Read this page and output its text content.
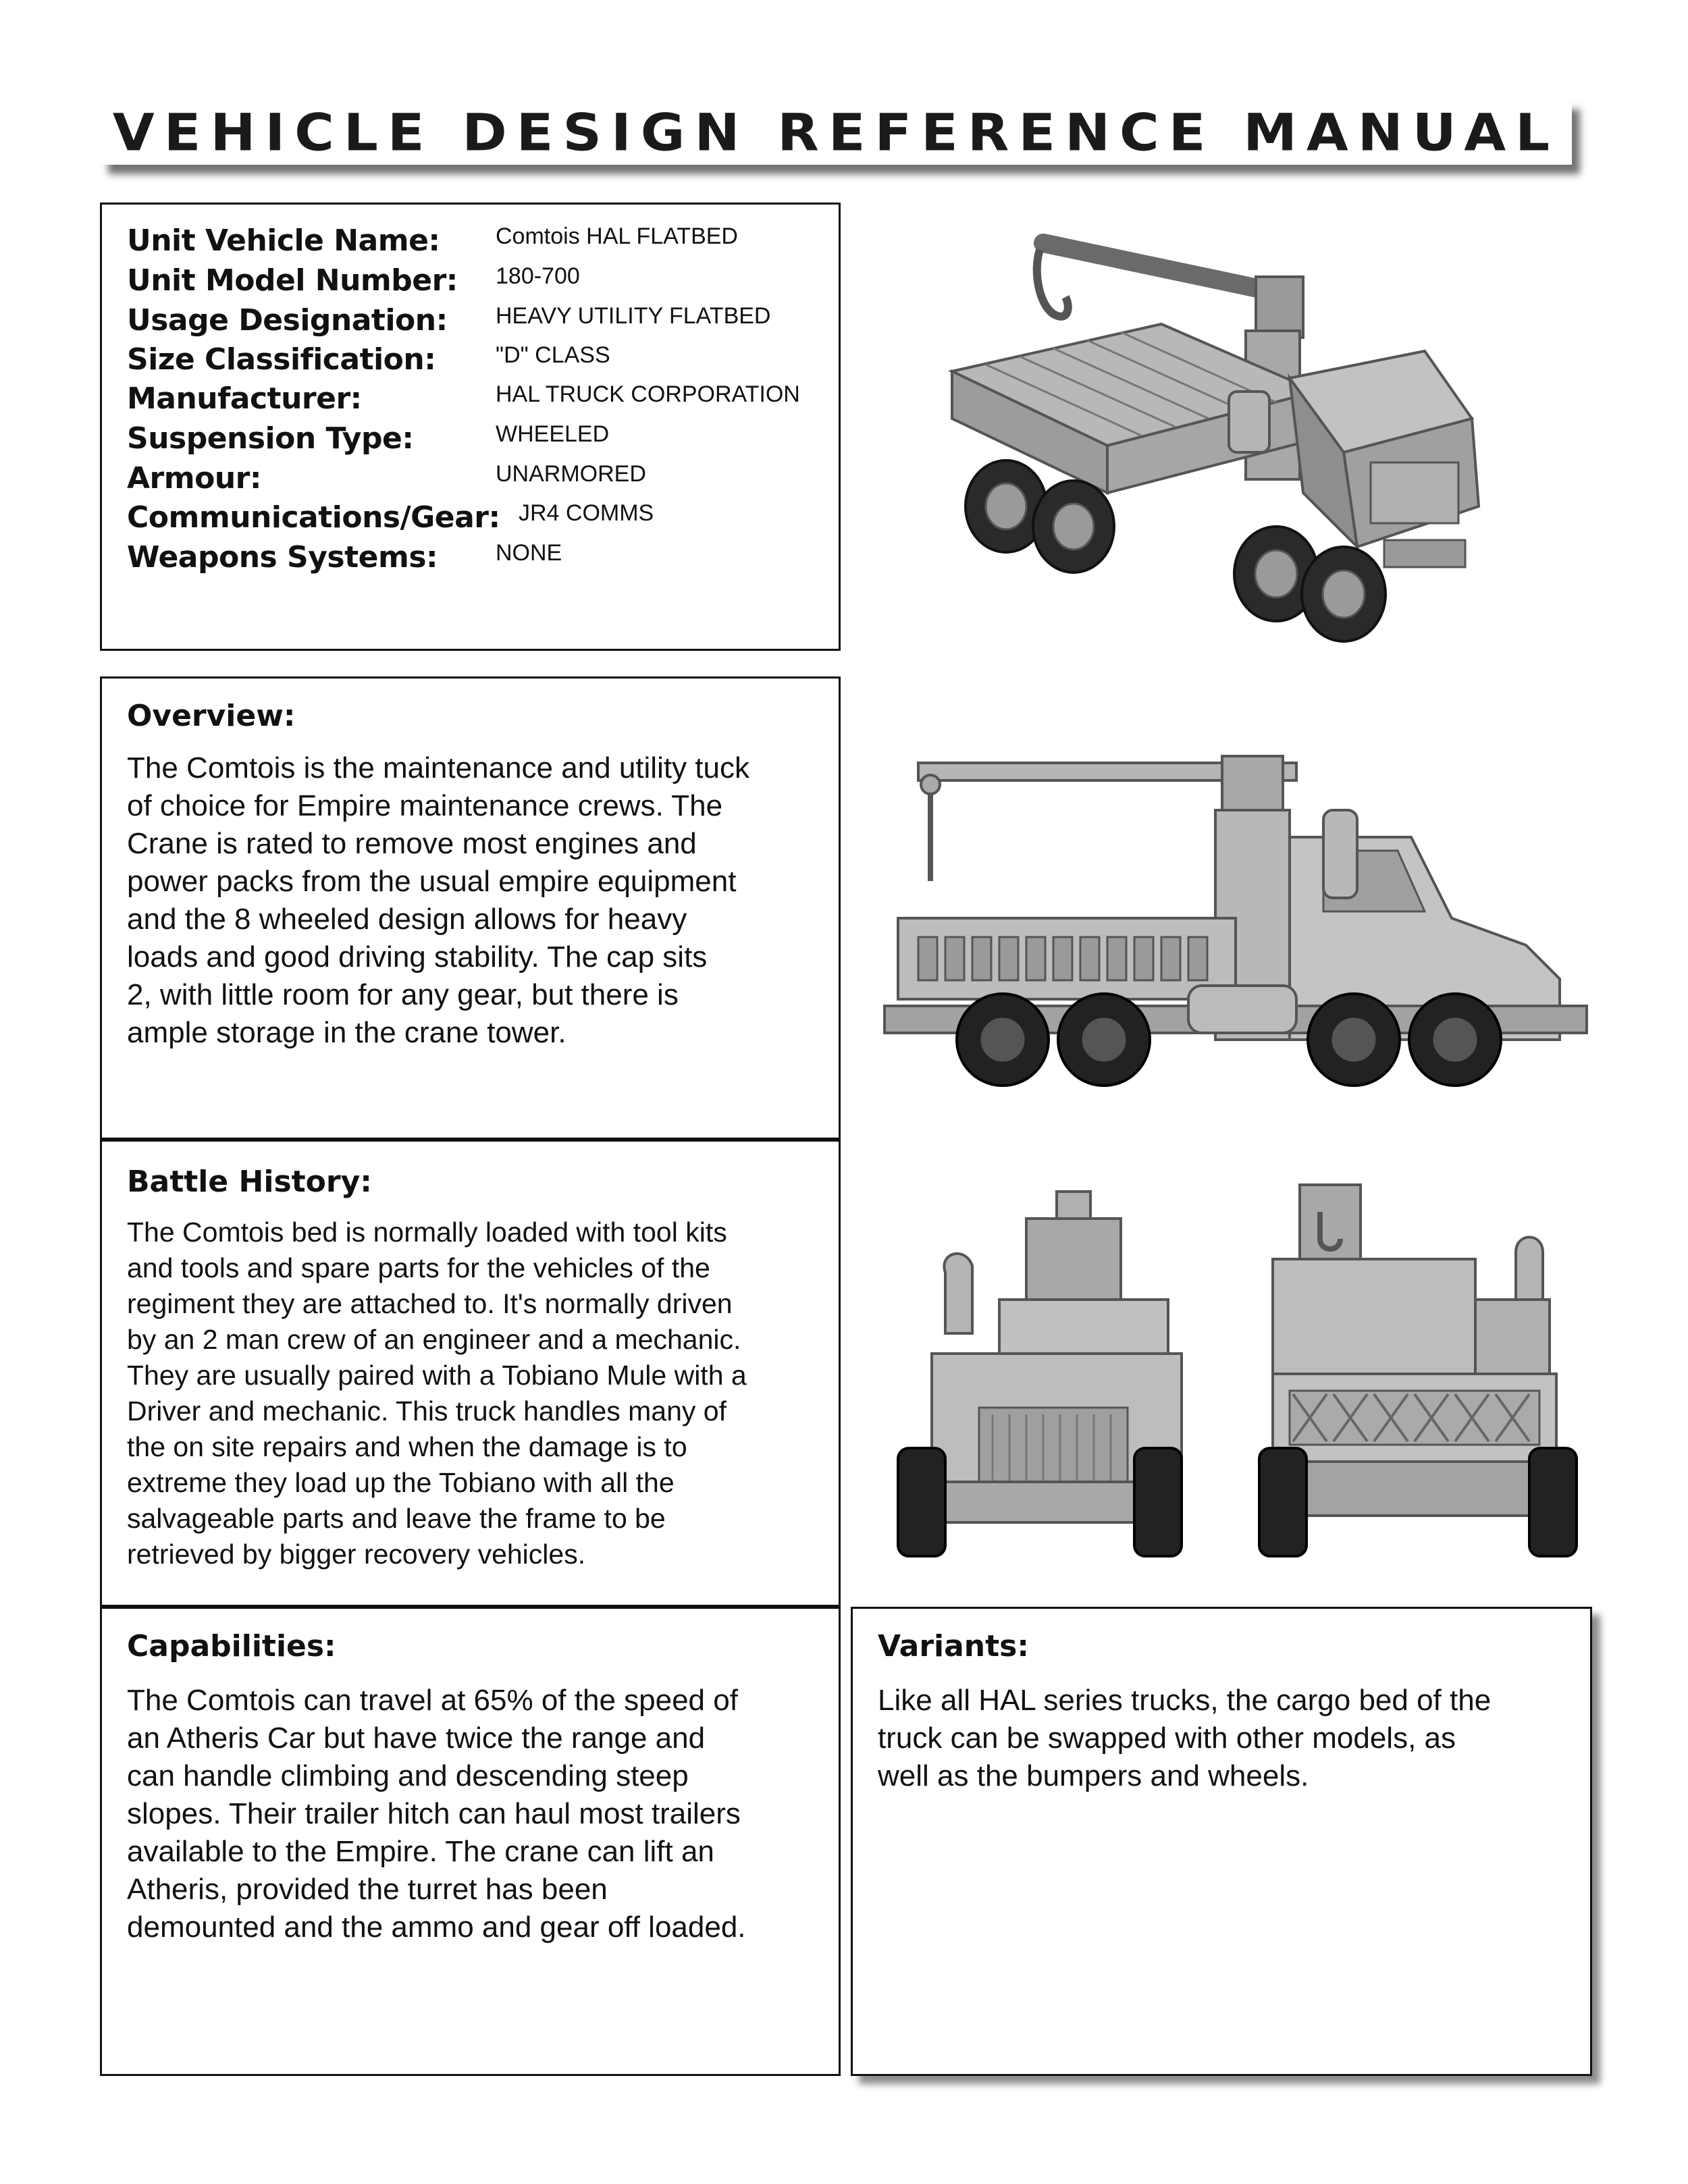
VEHICLE DESIGN REFERENCE MANUAL
Unit Vehicle Name: Comtois HAL FLATBED
Unit Model Number: 180-700
Usage Designation: HEAVY UTILITY FLATBED
Size Classification:	"D" CLASS
Manufacturer:	HAL TRUCK CORPORATION
Suspension Type:	WHEELED
Armour:	UNARMORED
Communications/Gear: JR4 COMMS
Weapons Systems:	NONE
Overview:
The Comtois is the maintenance and utility tuck
of choice for Empire maintenance crews. The
Crane is rated to remove most engines and
power packs from the usual empire equipment
and the 8 wheeled design allows for heavy
loads and good driving stability. The cap sits
2, with little room for any gear, but there is
ample storage in the crane tower.
Battle History:
The Comtois bed is normally loaded with tool kits
and tools and spare parts for the vehicles of the
regiment they are attached to. It's normally driven
by an 2 man crew of an engineer and a mechanic.
They are usually paired with a Tobiano Mule with a
Driver and mechanic. This truck handles many of
the on site repairs and when the damage is to
extreme they load up the Tobiano with all the
salvageable parts and leave the frame to be
retrieved by bigger recovery vehicles.
Capabilities:
The Comtois can travel at 65% of the speed of
an Atheris Car but have twice the range and
can handle climbing and descending steep
slopes. Their trailer hitch can haul most trailers
available to the Empire. The crane can lift an
Atheris, provided the turret has been
demounted and the ammo and gear off loaded.
Variants:
Like all HAL series trucks, the cargo bed of the
truck can be swapped with other models, as
well as the bumpers and wheels.
